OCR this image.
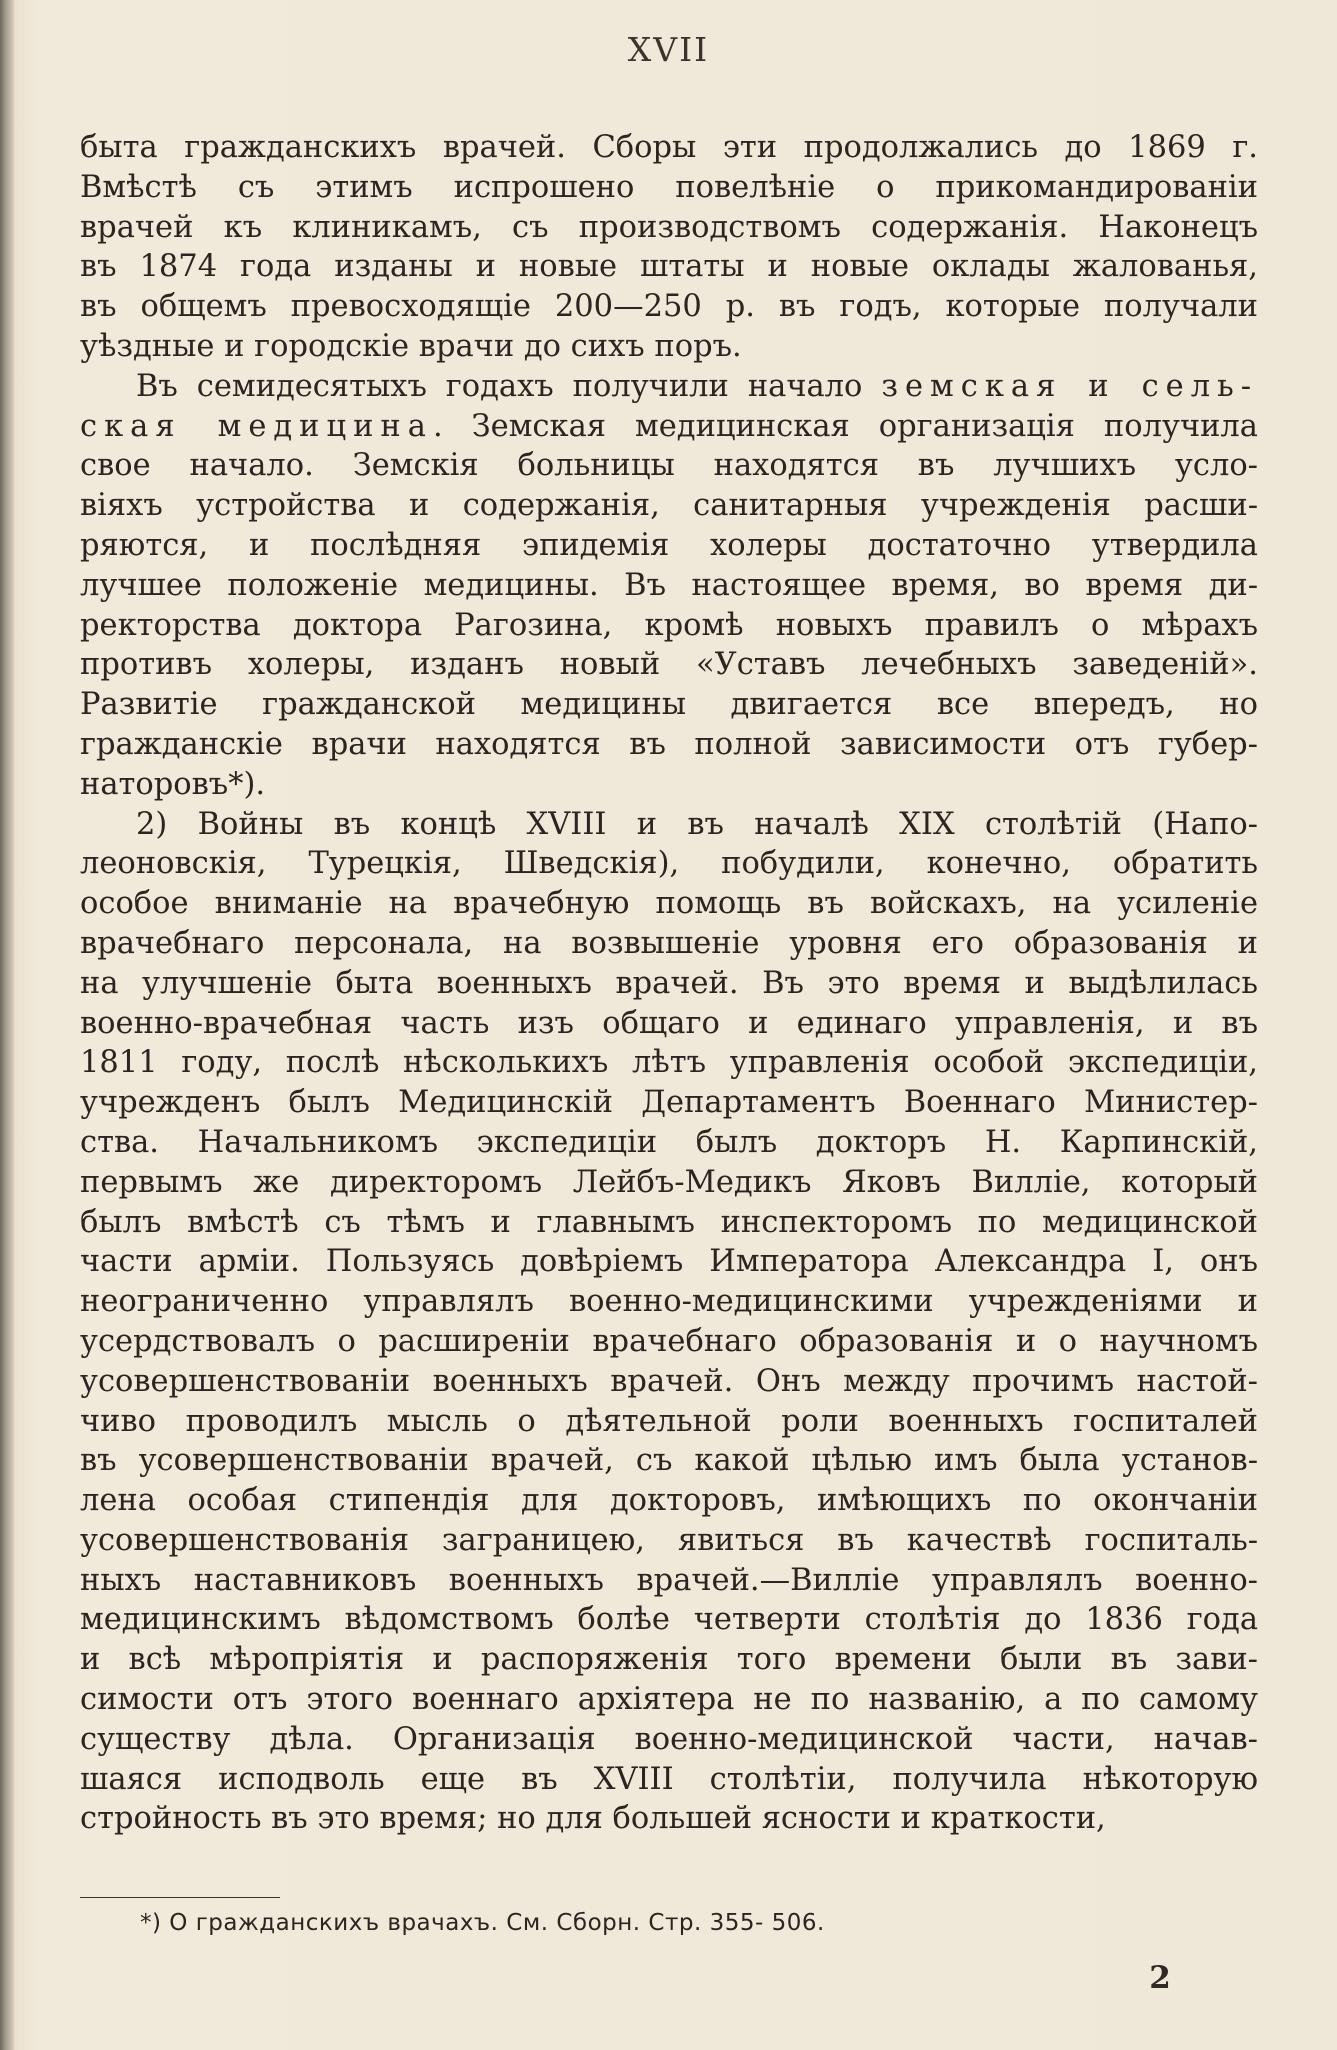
XVII
быта гражданскихъ врачей. Сборы эти продолжались до 1869 г.
Вмѣстѣ съ этимъ испрошено повелѣнiе о прикомандированiи
врачей къ клиникамъ, съ производствомъ содержанiя. Наконецъ
въ 1874 года изданы и новые штаты и новые оклады жалованья,
въ общемъ превосходящiе 200—250 р. въ годъ, которые получали
уѣздные и городскiе врачи до сихъ поръ.
Въ семидесятыхъ годахъ получили начало земская и сель-
ская медицина. Земская медицинская организацiя получила
свое начало. Земскiя больницы находятся въ лучшихъ усло-
вiяхъ устройства и содержанiя, санитарныя учрежденiя расши-
ряются, и послѣдняя эпидемiя холеры достаточно утвердила
лучшее положенiе медицины. Въ настоящее время, во время ди-
ректорства доктора Рагозина, кромѣ новыхъ правилъ о мѣрахъ
противъ холеры, изданъ новый «Уставъ лечебныхъ заведенiй».
Развитiе гражданской медицины двигается все впередъ, но
гражданскiе врачи находятся въ полной зависимости отъ губер-
наторовъ*).
2) Войны въ концѣ XVIII и въ началѣ XIX столѣтiй (Напо-
леоновскiя, Турецкiя, Шведскiя), побудили, конечно, обратить
особое вниманiе на врачебную помощь въ войскахъ, на усиленiе
врачебнаго персонала, на возвышенiе уровня его образованiя и
на улучшенiе быта военныхъ врачей. Въ это время и выдѣлилась
военно-врачебная часть изъ общаго и единаго управленiя, и въ
1811 году, послѣ нѣсколькихъ лѣтъ управленiя особой экспедицiи,
учрежденъ былъ Медицинскiй Департаментъ Военнаго Министер-
ства. Начальникомъ экспедицiи былъ докторъ Н. Карпинскiй,
первымъ же директоромъ Лейбъ-Медикъ Яковъ Виллiе, который
былъ вмѣстѣ съ тѣмъ и главнымъ инспекторомъ по медицинской
части армiи. Пользуясь довѣрiемъ Императора Александра I, онъ
неограниченно управлялъ военно-медицинскими учрежденiями и
усердствовалъ о расширенiи врачебнаго образованiя и о научномъ
усовершенствованiи военныхъ врачей. Онъ между прочимъ настой-
чиво проводилъ мысль о дѣятельной роли военныхъ госпиталей
въ усовершенствованiи врачей, съ какой цѣлью имъ была установ-
лена особая стипендiя для докторовъ, имѣющихъ по окончанiи
усовершенствованiя заграницею, явиться въ качествѣ госпиталь-
ныхъ наставниковъ военныхъ врачей.—Виллiе управлялъ военно-
медицинскимъ вѣдомствомъ болѣе четверти столѣтiя до 1836 года
и всѣ мѣропрiятiя и распоряженiя того времени были въ зави-
симости отъ этого военнаго архiятера не по названiю, а по самому
существу дѣла. Организацiя военно-медицинской части, начав-
шаяся исподволь еще въ XVIII столѣтiи, получила нѣкоторую
стройность въ это время; но для большей ясности и краткости,
*) О гражданскихъ врачахъ. См. Сборн. Стр. 355- 506.
2
